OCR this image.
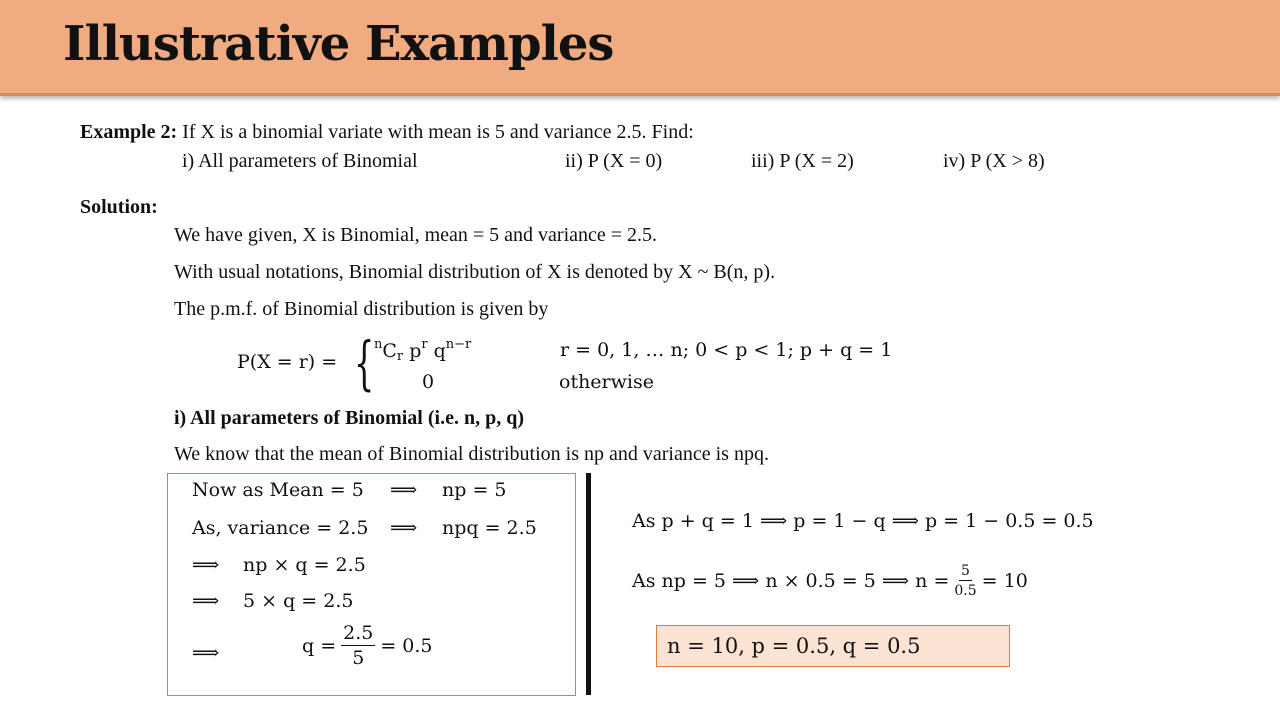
Illustrative Examples
Example 2: If X is a binomial variate with mean is 5 and variance 2.5. Find:
i) All parameters of Binomial	ii) P (X = 0)	iii) P (X = 2)	iv) P (X > 8)
Solution:
We have given, X is Binomial, mean = 5 and variance = 2.5.
With usual notations, Binomial distribution of X is denoted by X ~ B(n, p).
The p.m.f. of Binomial distribution is given by
P(X = r) = { $^nC_r$ $p^r$ $q^{n-r}$	r = 0, 1, … n; 0 < p < 1; p + q = 1
0	otherwise
i) All parameters of Binomial (i.e. n, p, q)
We know that the mean of Binomial distribution is np and variance is npq.
Now as Mean = 5 ⟹ np = 5
As, variance = 2.5 ⟹ npq = 2.5
⟹ np × q = 2.5
⟹ 5 × q = 2.5
⟹	$q = \frac{2.5}{5} = 0.5$
As p + q = 1 ⟹ p = 1 − q ⟹ p = 1 − 0.5 = 0.5
As np = 5 ⟹ n × 0.5 = 5 ⟹ $n = \frac{5}{0.5} = 10$
n = 10, p = 0.5, q = 0.5
